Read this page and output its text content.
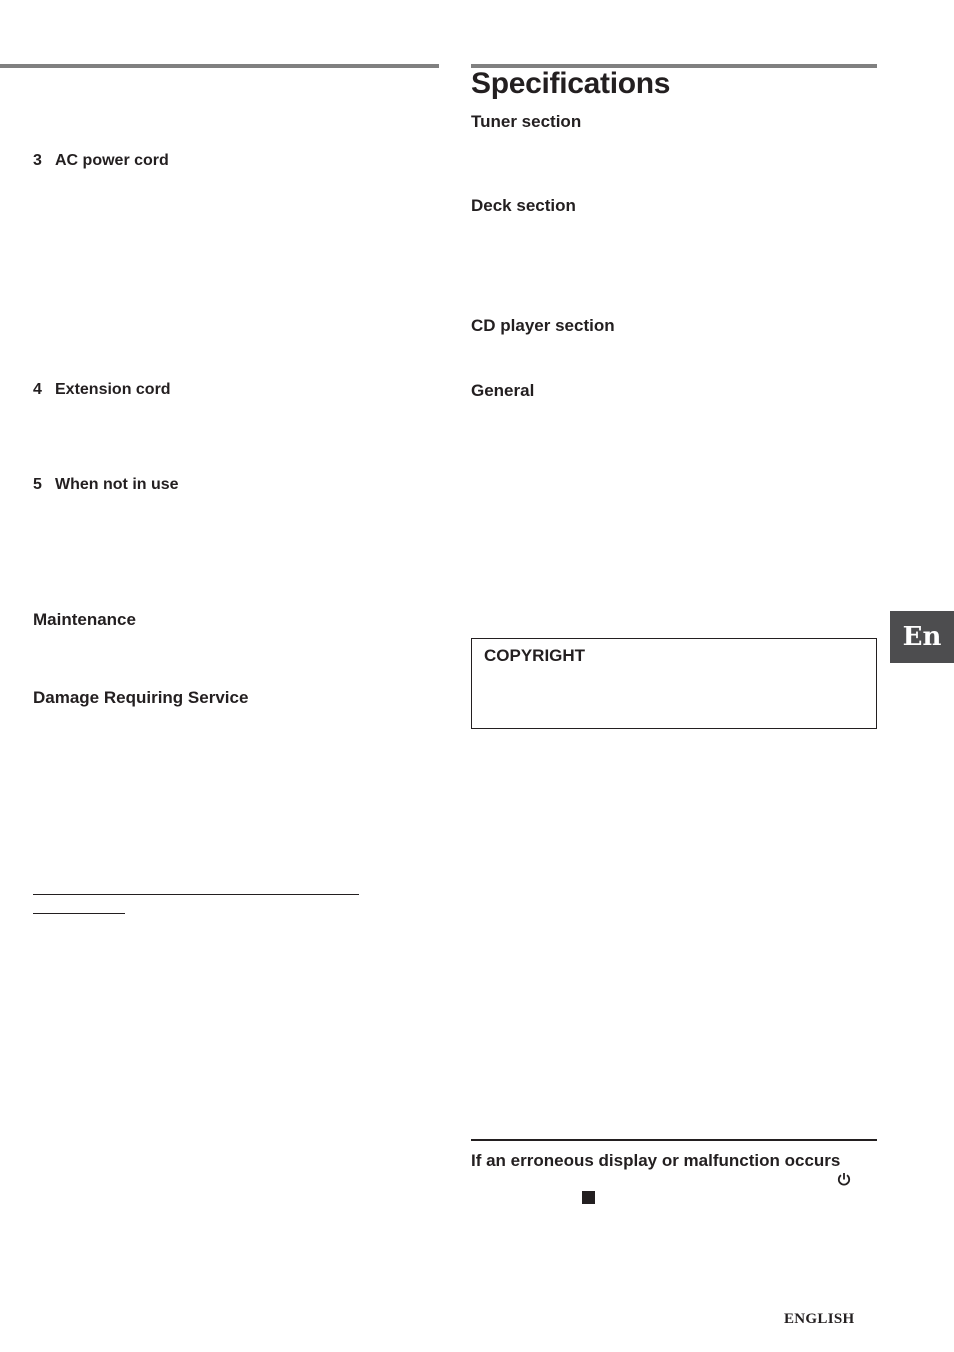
3 AC power cord
4 Extension cord
5 When not in use
Maintenance
Damage Requiring Service
Specifications
Tuner section
Deck section
CD player section
General
COPYRIGHT
If an erroneous display or malfunction occurs
En
ENGLISH
